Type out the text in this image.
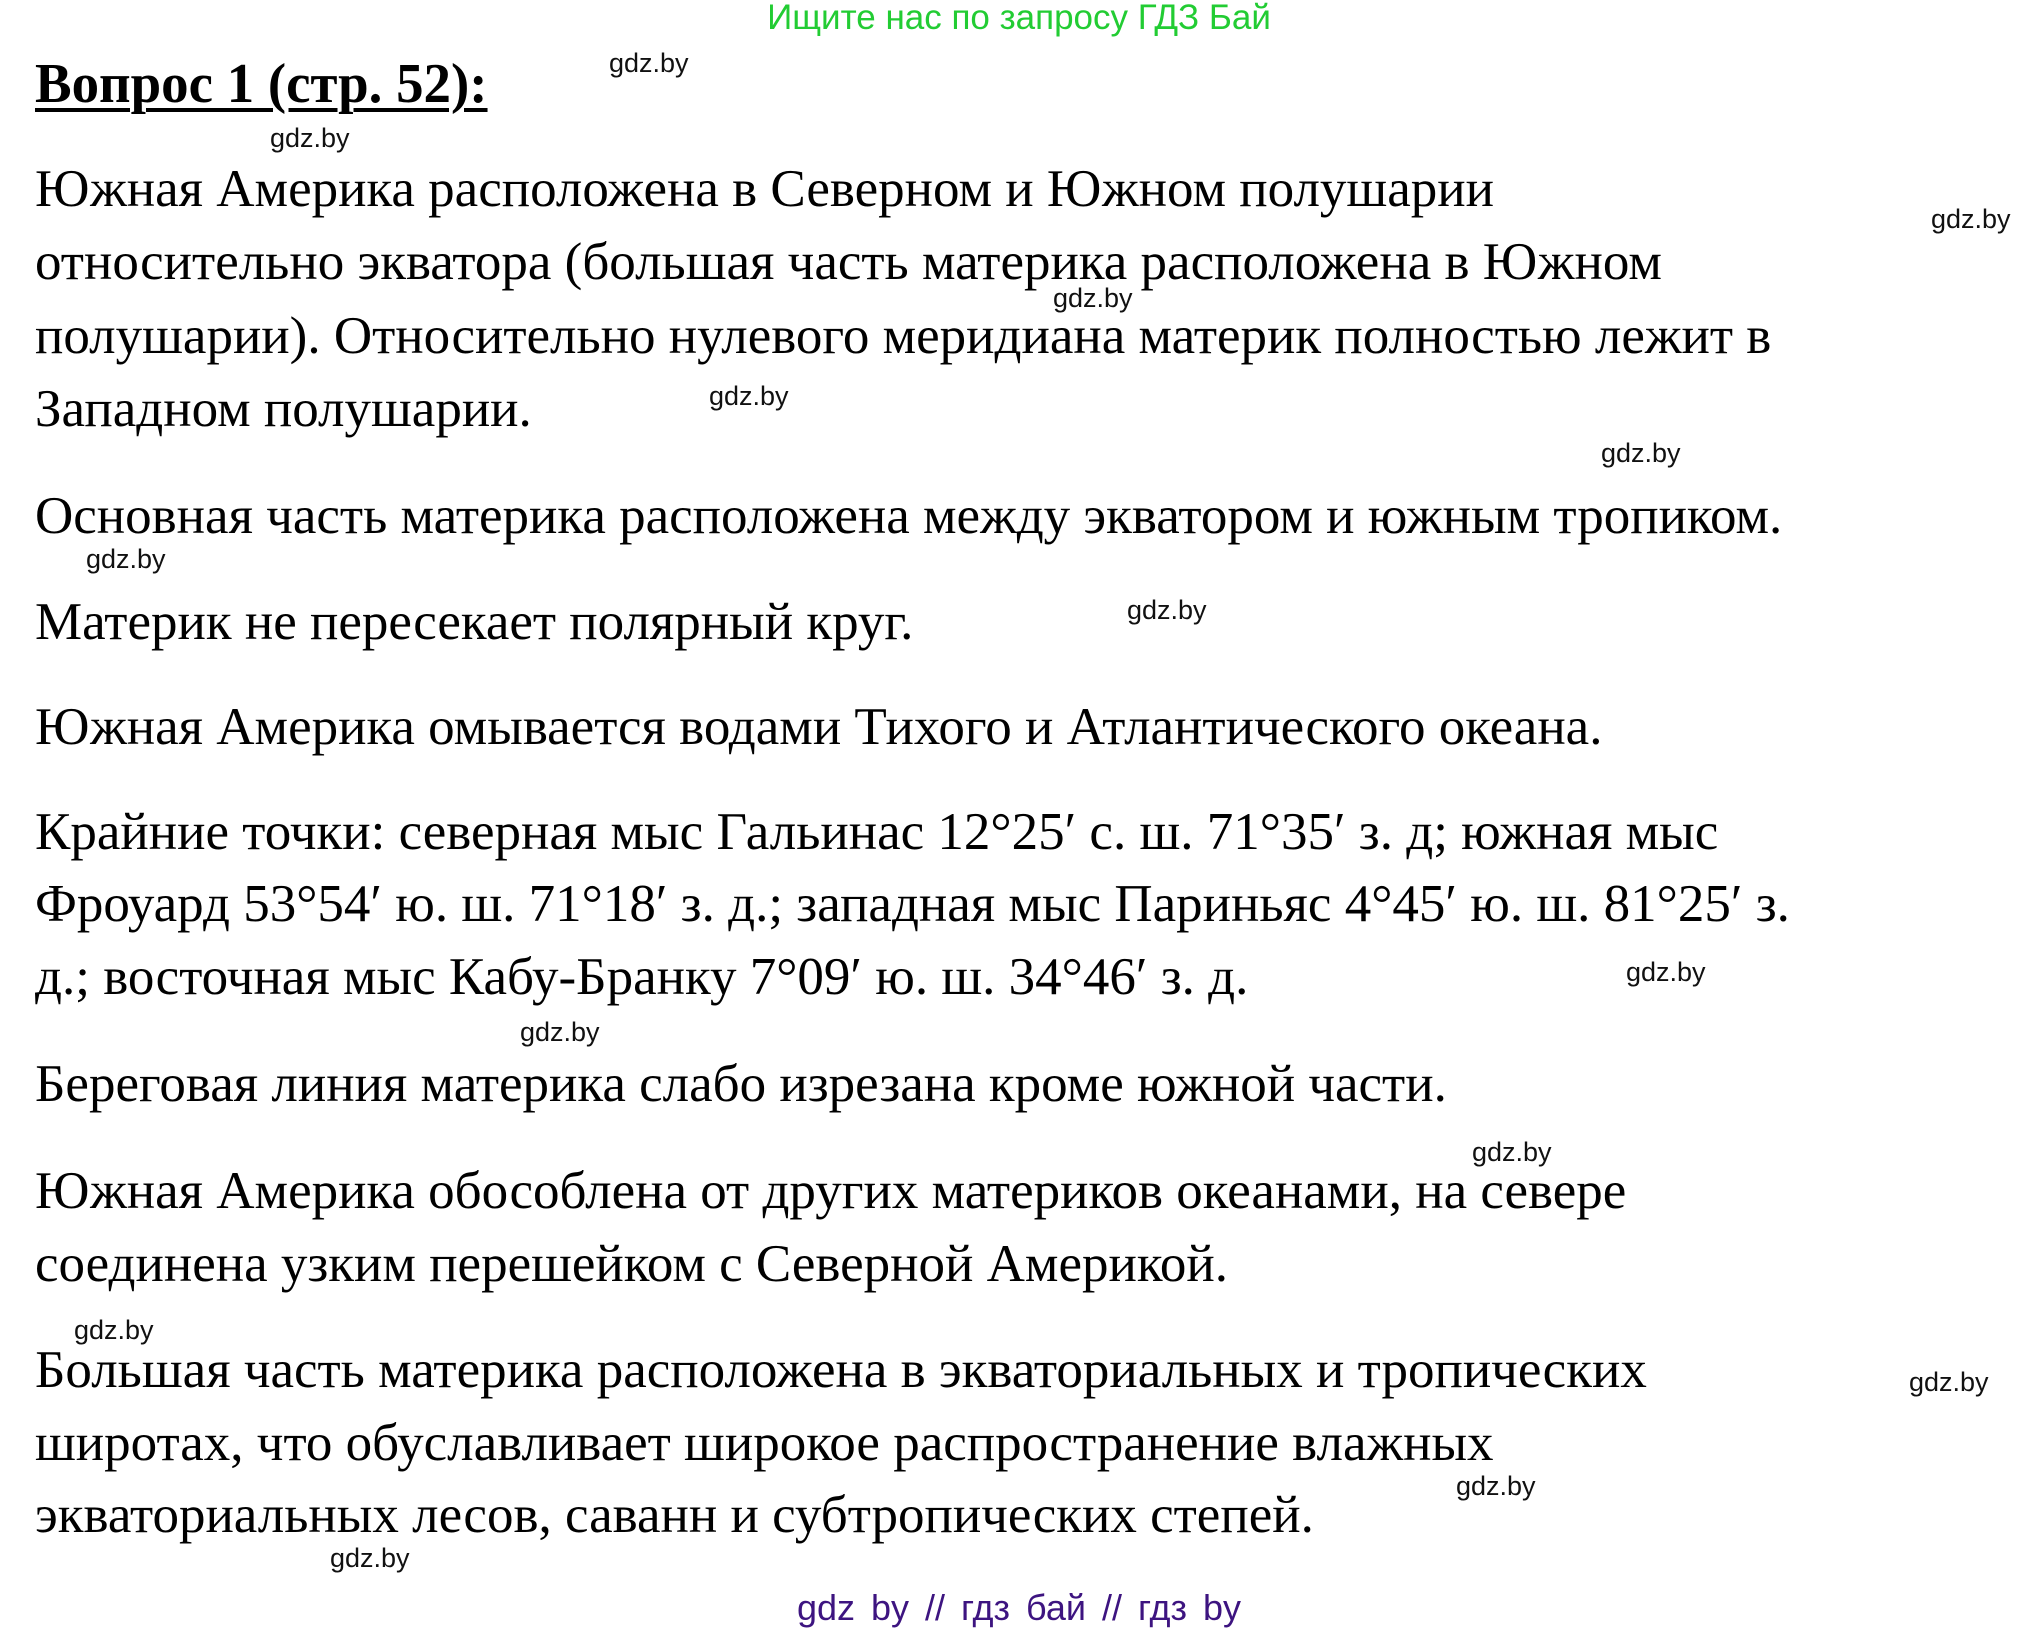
Ищите нас по запросу ГДЗ Бай
Вопрос 1 (стр. 52):
Южная Америка расположена в Северном и Южном полушарии
относительно экватора (большая часть материка расположена в Южном
полушарии). Относительно нулевого меридиана материк полностью лежит в
Западном полушарии.
Основная часть материка расположена между экватором и южным тропиком.
Материк не пересекает полярный круг.
Южная Америка омывается водами Тихого и Атлантического океана.
Крайние точки: северная мыс Гальинас 12°25′ с. ш. 71°35′ з. д; южная мыс
Фроуард 53°54′ ю. ш. 71°18′ з. д.; западная мыс Париньяс 4°45′ ю. ш. 81°25′ з.
д.; восточная мыс Кабу-Бранку 7°09′ ю. ш. 34°46′ з. д.
Береговая линия материка слабо изрезана кроме южной части.
Южная Америка обособлена от других материков океанами, на севере
соединена узким перешейком с Северной Америкой.
Большая часть материка расположена в экваториальных и тропических
широтах, что обуславливает широкое распространение влажных
экваториальных лесов, саванн и субтропических степей.
gdz.by
gdz.by
gdz.by
gdz.by
gdz.by
gdz.by
gdz.by
gdz.by
gdz.by
gdz.by
gdz.by
gdz.by
gdz.by
gdz.by
gdz.by
gdz by // гдз бай // гдз by
